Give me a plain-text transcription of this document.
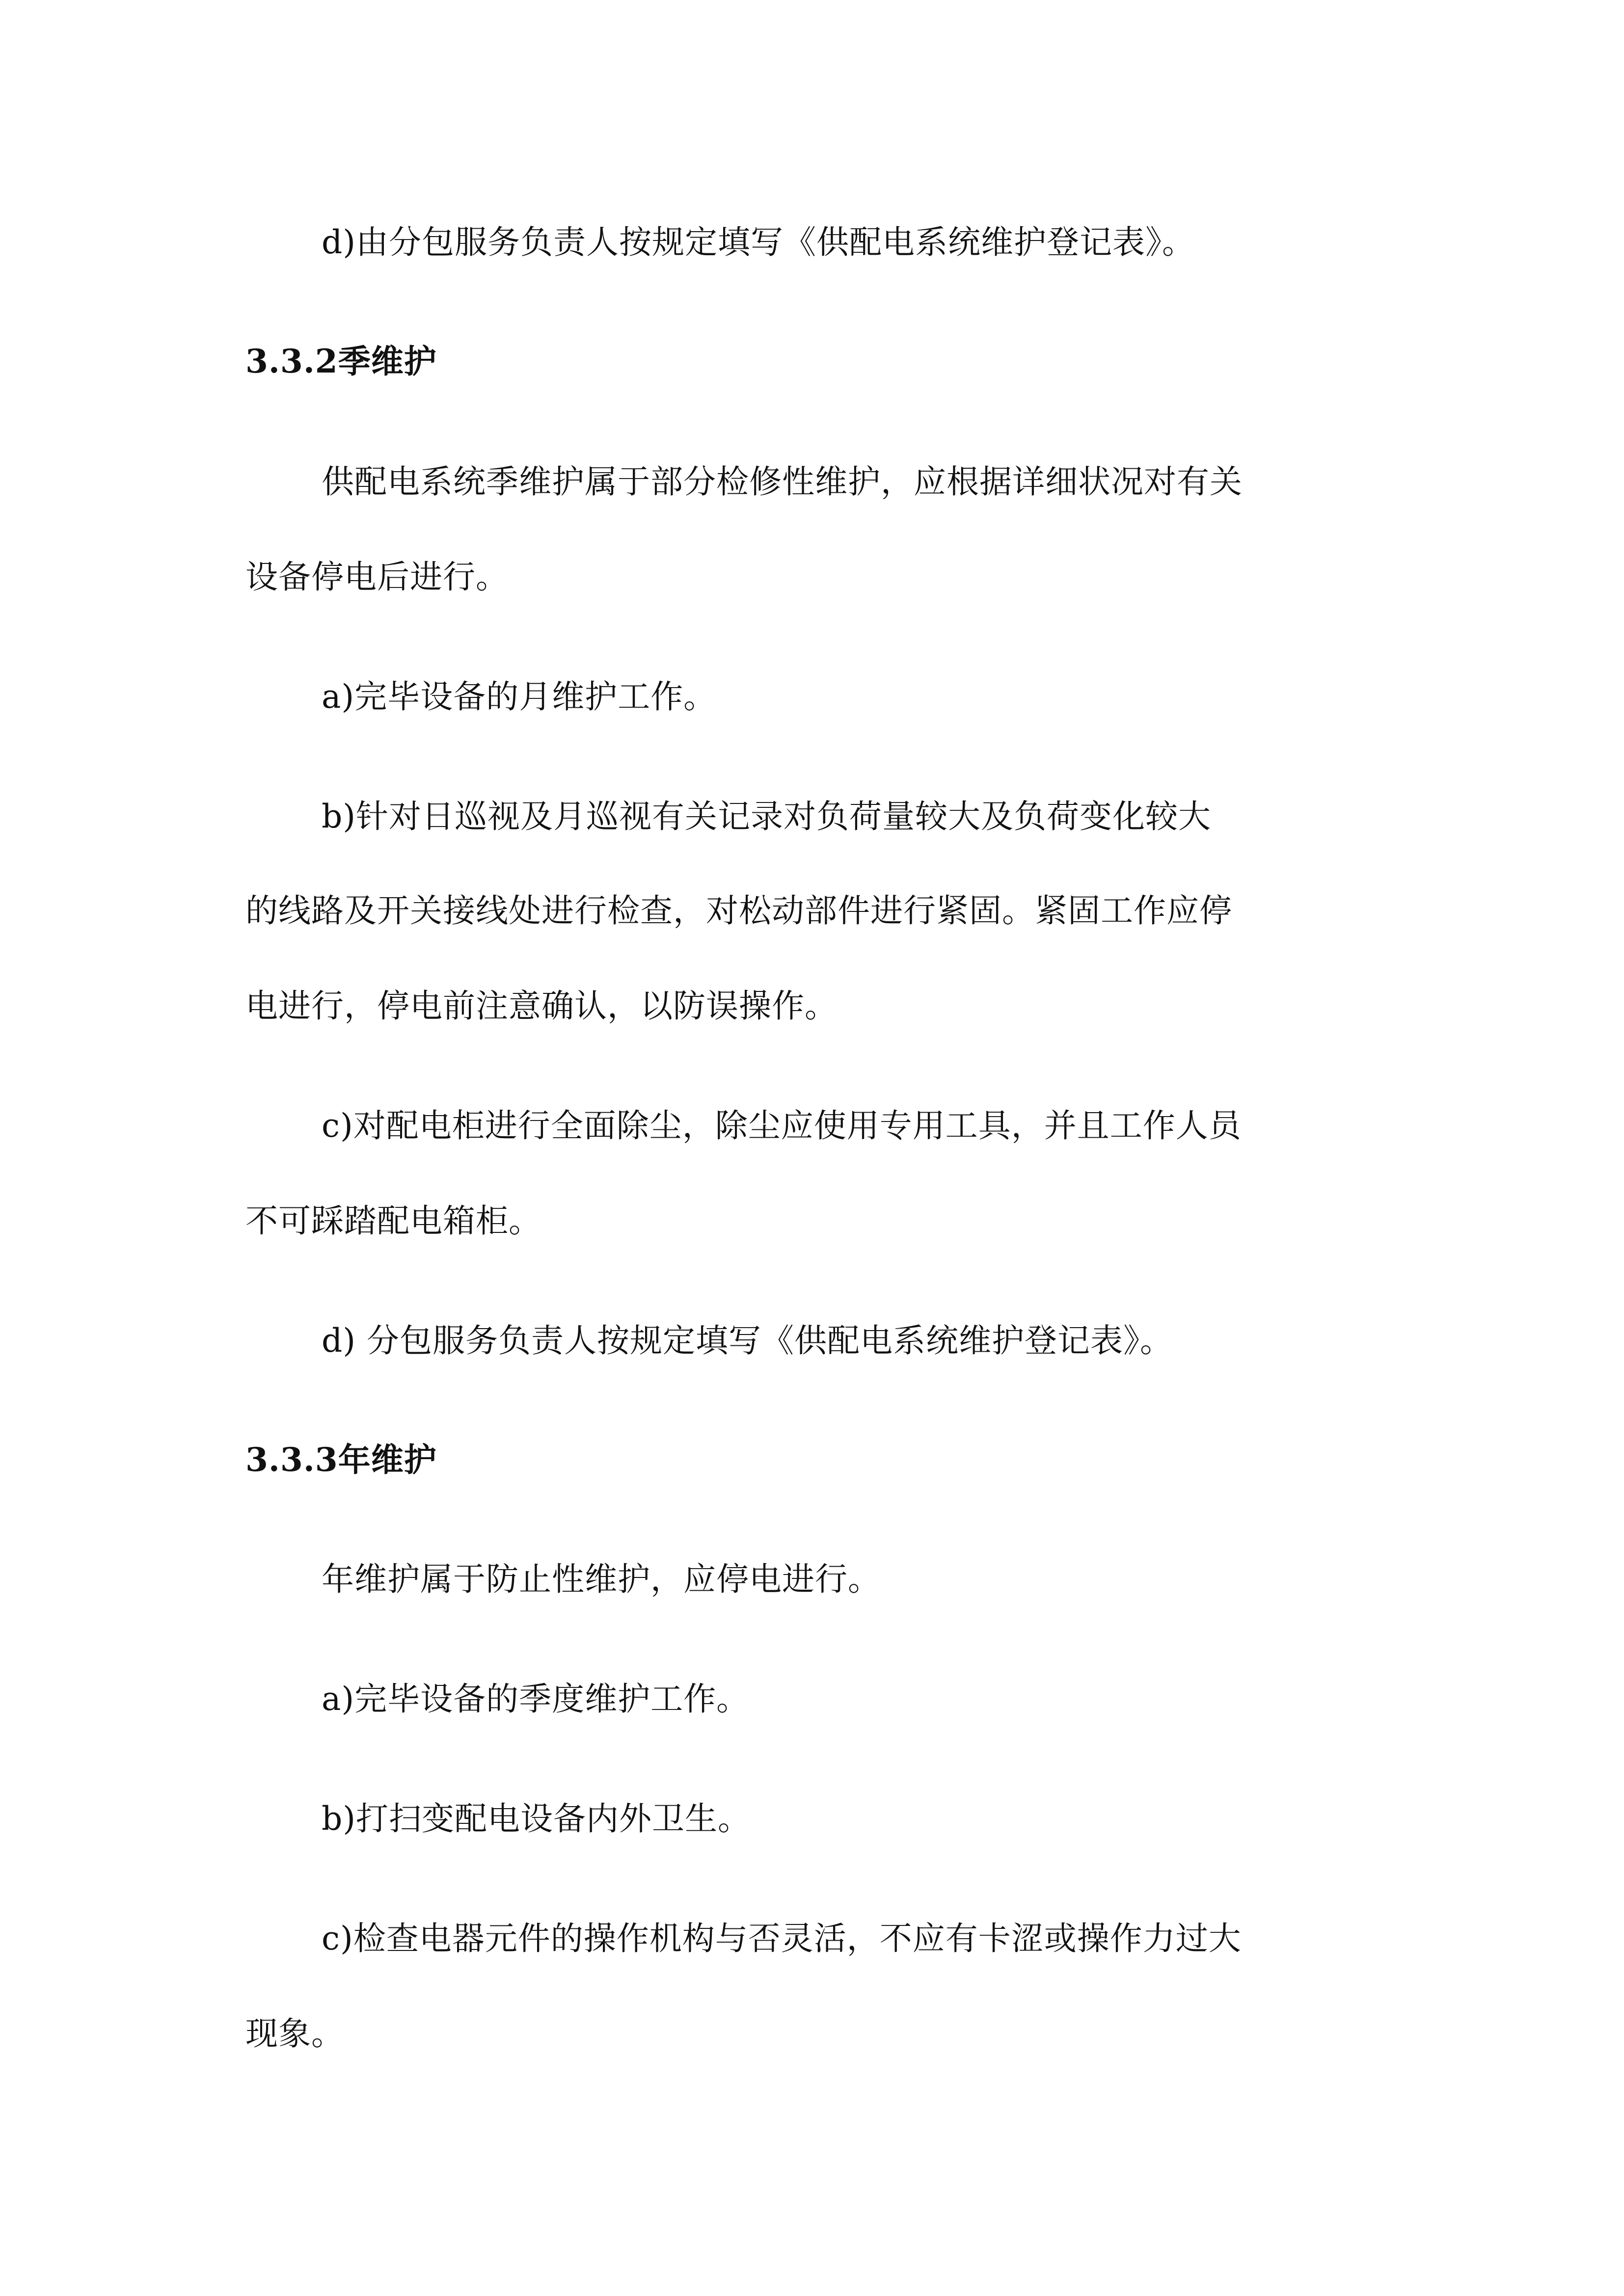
d)由分包服务负责人按规定填写《供配电系统维护登记表》。
3.3.2季维护
供配电系统季维护属于部分检修性维护，应根据详细状况对有关
设备停电后进行。
a)完毕设备的月维护工作。
b)针对日巡视及月巡视有关记录对负荷量较大及负荷变化较大
的线路及开关接线处进行检查，对松动部件进行紧固。紧固工作应停
电进行，停电前注意确认，以防误操作。
c)对配电柜进行全面除尘，除尘应使用专用工具，并且工作人员
不可踩踏配电箱柜。
d) 分包服务负责人按规定填写《供配电系统维护登记表》。
3.3.3年维护
年维护属于防止性维护，应停电进行。
a)完毕设备的季度维护工作。
b)打扫变配电设备内外卫生。
c)检查电器元件的操作机构与否灵活，不应有卡涩或操作力过大
现象。
